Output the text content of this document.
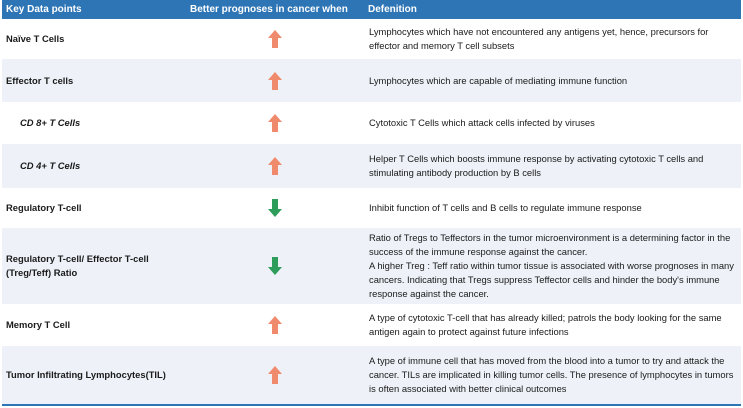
Key Data points	Better prognoses in cancer when	Defenition
Naïve T Cells		Lymphocytes which have not encountered any antigens yet, hence, precursors for effector and memory T cell subsets

Effector T cells		Lymphocytes which are capable of mediating immune function

CD 8+ T Cells		Cytotoxic T Cells which attack cells infected by viruses

CD 4+ T Cells		Helper T Cells which boosts immune response by activating cytotoxic T cells and stimulating antibody production by B cells

Regulatory T-cell		Inhibit function of T cells and B cells to regulate immune response

Regulatory T-cell/ Effector T-cell (Treg/Teff) Ratio		Ratio of Tregs to Teffectors in the tumor microenvironment is a determining factor in the success of the immune response against the cancer.
A higher Treg : Teff ratio within tumor tissue is associated with worse prognoses in many cancers. Indicating that Tregs suppress Teffector cells and hinder the body's immune response against the cancer.

Memory T Cell		A type of cytotoxic T-cell that has already killed; patrols the body looking for the same antigen again to protect against future infections

Tumor Infiltrating Lymphocytes(TIL)		A type of immune cell that has moved from the blood into a tumor to try and attack the cancer. TILs are implicated in killing tumor cells. The presence of lymphocytes in tumors is often associated with better clinical outcomes
